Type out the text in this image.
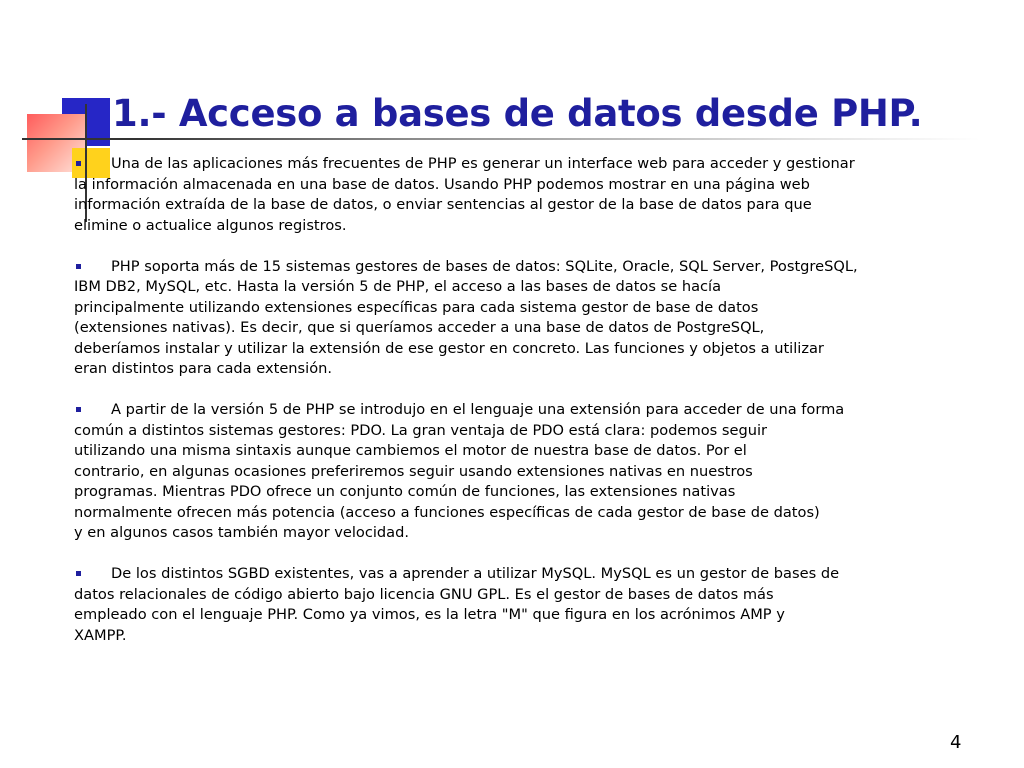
1.- Acceso a bases de datos desde PHP.

Una de las aplicaciones más frecuentes de PHP es generar un interface web para acceder y gestionar
la información almacenada en una base de datos. Usando PHP podemos mostrar en una página web
información extraída de la base de datos, o enviar sentencias al gestor de la base de datos para que
elimine o actualice algunos registros.

PHP soporta más de 15 sistemas gestores de bases de datos: SQLite, Oracle, SQL Server, PostgreSQL,
IBM DB2, MySQL, etc. Hasta la versión 5 de PHP, el acceso a las bases de datos se hacía
principalmente utilizando extensiones específicas para cada sistema gestor de base de datos
(extensiones nativas). Es decir, que si queríamos acceder a una base de datos de PostgreSQL,
deberíamos instalar y utilizar la extensión de ese gestor en concreto. Las funciones y objetos a utilizar
eran distintos para cada extensión.

A partir de la versión 5 de PHP se introdujo en el lenguaje una extensión para acceder de una forma
común a distintos sistemas gestores: PDO. La gran ventaja de PDO está clara: podemos seguir
utilizando una misma sintaxis aunque cambiemos el motor de nuestra base de datos. Por el
contrario, en algunas ocasiones preferiremos seguir usando extensiones nativas en nuestros
programas. Mientras PDO ofrece un conjunto común de funciones, las extensiones nativas
normalmente ofrecen más potencia (acceso a funciones específicas de cada gestor de base de datos)
y en algunos casos también mayor velocidad.

De los distintos SGBD existentes, vas a aprender a utilizar MySQL. MySQL es un gestor de bases de
datos relacionales de código abierto bajo licencia GNU GPL. Es el gestor de bases de datos más
empleado con el lenguaje PHP. Como ya vimos, es la letra "M" que figura en los acrónimos AMP y
XAMPP.

4
